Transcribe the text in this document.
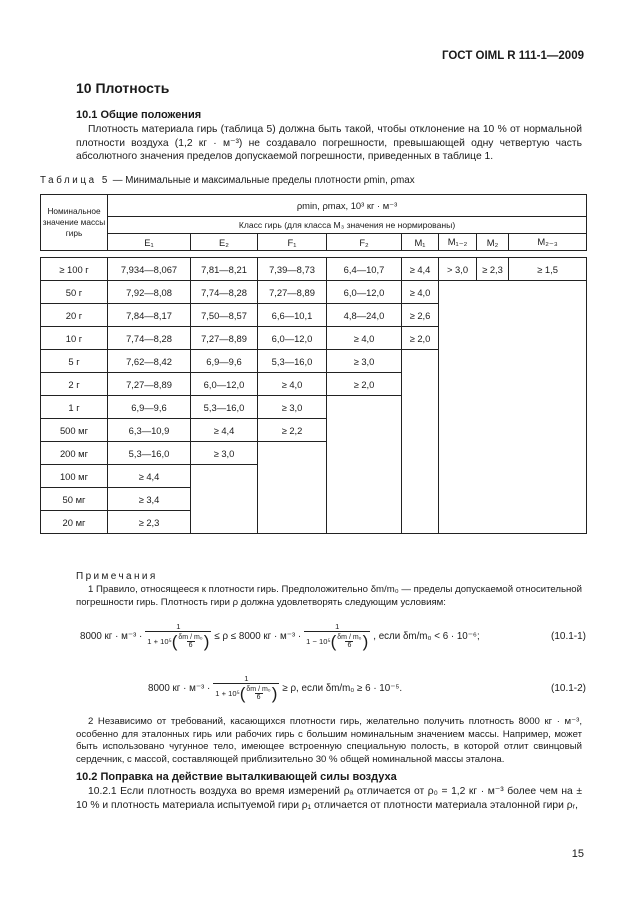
ГОСТ OIML R 111-1—2009
10 Плотность
10.1 Общие положения
Плотность материала гирь (таблица 5) должна быть такой, чтобы отклонение на 10 % от нормальной плотности воздуха (1,2 кг · м⁻³) не создавало погрешности, превышающей одну четвертую часть абсолютного значения пределов допускаемой погрешности, приведенных в таблице 1.
Таблица 5 — Минимальные и максимальные пределы плотности ρmin, ρmax
Номинальное значение массы гирь	ρmin, ρmax, 10³ кг · м⁻³							
	Класс гирь (для класса M₃ значения не нормированы)							
	E₁	E₂	F₁	F₂	M₁	M₁₋₂	M₂	M₂₋₃

≥ 100 г	7,934—8,067	7,81—8,21	7,39—8,73	6,4—10,7	≥ 4,4	> 3,0	≥ 2,3	≥ 1,5
50 г	7,92—8,08	7,74—8,28	7,27—8,89	6,0—12,0	≥ 4,0			
20 г	7,84—8,17	7,50—8,57	6,6—10,1	4,8—24,0	≥ 2,6			
10 г	7,74—8,28	7,27—8,89	6,0—12,0	≥ 4,0	≥ 2,0			
5 г	7,62—8,42	6,9—9,6	5,3—16,0	≥ 3,0				
2 г	7,27—8,89	6,0—12,0	≥ 4,0	≥ 2,0				
1 г	6,9—9,6	5,3—16,0	≥ 3,0					
500 мг	6,3—10,9	≥ 4,4	≥ 2,2					
200 мг	5,3—16,0	≥ 3,0						
100 мг	≥ 4,4							
50 мг	≥ 3,4							
20 мг	≥ 2,3							
Примечания
1 Правило, относящееся к плотности гирь. Предположительно δm/m₀ — пределы допускаемой относительной погрешности гирь. Плотность гири ρ должна удовлетворять следующим условиям:
8000 кг · м⁻³ · 1
1 + 10⁵ ( δm / m₀
6 ) ≤ ρ ≤ 8000 кг · м⁻³ · 1
1 − 10⁵ ( δm / m₀
6 ) , если δm/m₀ < 6 · 10⁻⁶;	(10.1-1)
8000 кг · м⁻³ · 1
1 + 10⁵ ( δm / m₀
6 ) ≥ ρ, если δm/m₀ ≥ 6 · 10⁻⁵.	(10.1-2)
2 Независимо от требований, касающихся плотности гирь, желательно получить плотность 8000 кг · м⁻³, особенно для эталонных гирь или рабочих гирь с большим номинальным значением массы. Например, может быть использовано чугунное тело, имеющее встроенную специальную полость, в которой отлит свинцовый сердечник, с массой, составляющей приблизительно 30 % общей номинальной массы эталона.
10.2 Поправка на действие выталкивающей силы воздуха
10.2.1 Если плотность воздуха во время измерений ρₐ отличается от ρ₀ = 1,2 кг · м⁻³ более чем на ± 10 % и плотность материала испытуемой гири ρ₁ отличается от плотности материала эталонной гири ρᵣ,
15
